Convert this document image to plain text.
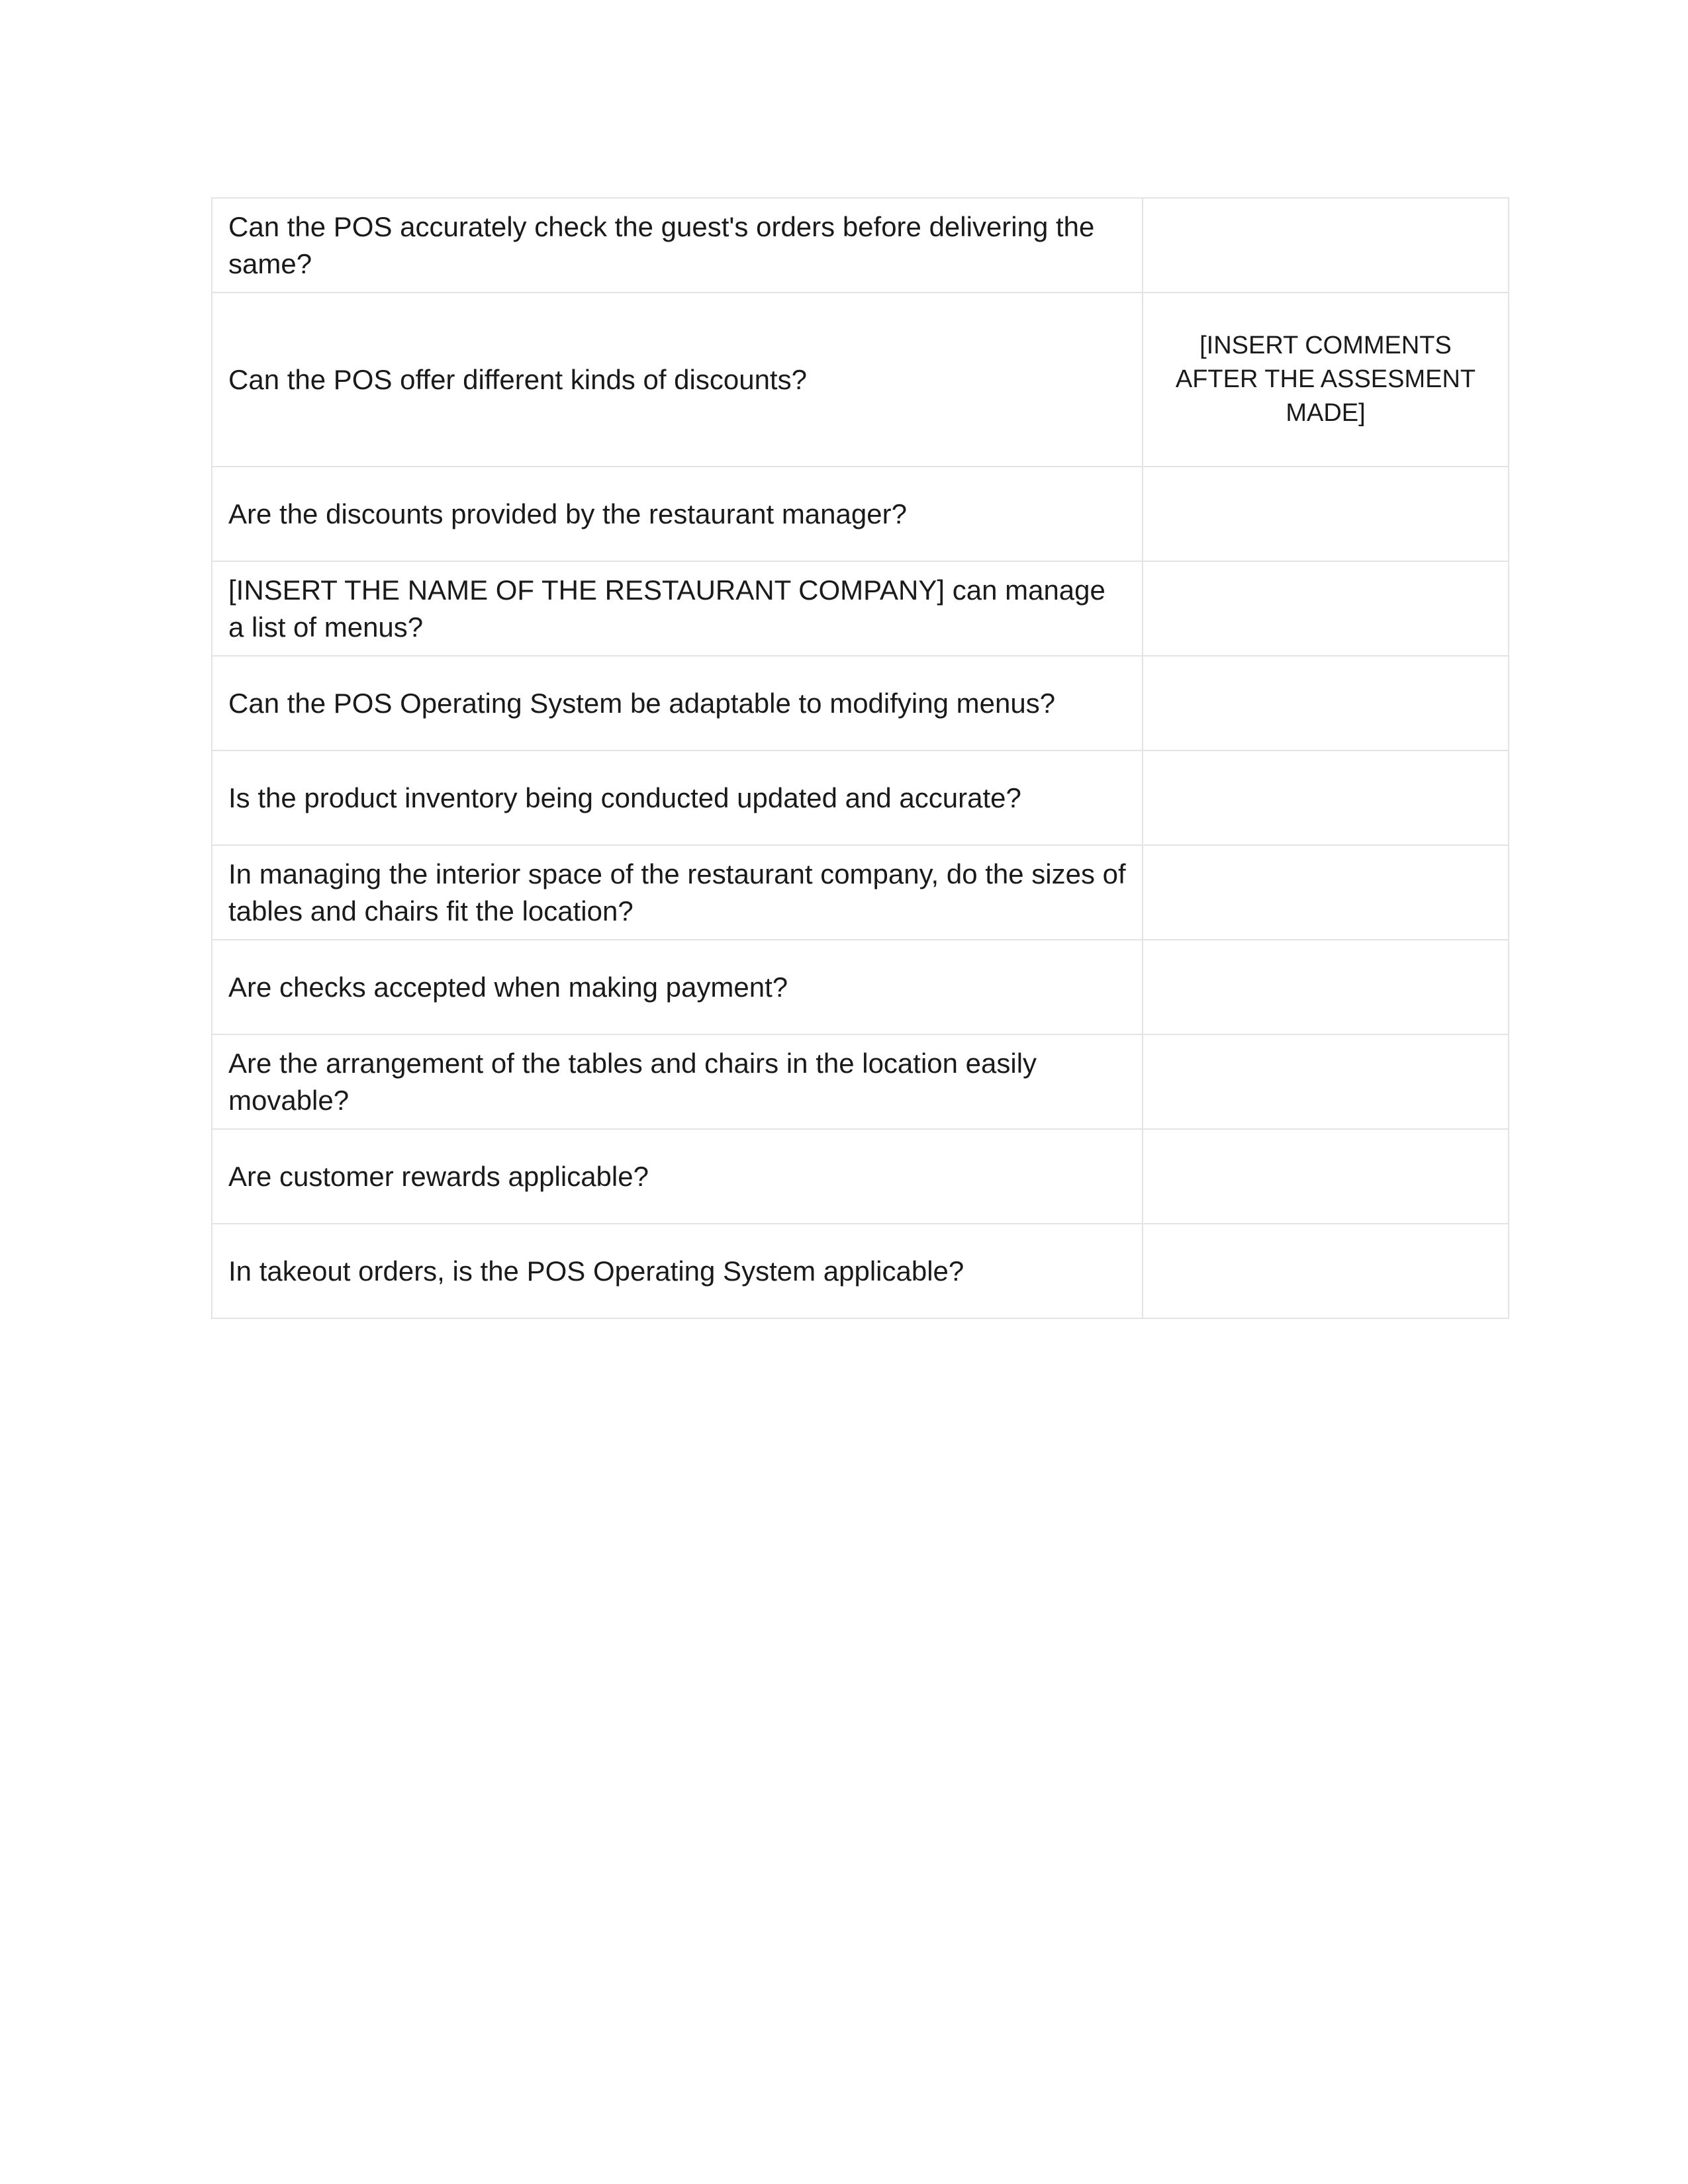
Can the POS accurately check the guest's orders before delivering the same?	
Can the POS offer different kinds of discounts?	[INSERT COMMENTS AFTER THE ASSESMENT MADE]
Are the discounts provided by the restaurant manager?	
[INSERT THE NAME OF THE RESTAURANT COMPANY] can manage a list of menus?	
Can the POS Operating System be adaptable to modifying menus?	
Is the product inventory being conducted updated and accurate?	
In managing the interior space of the restaurant company, do the sizes of tables and chairs fit the location?	
Are checks accepted when making payment?	
Are the arrangement of the tables and chairs in the location easily movable?	
Are customer rewards applicable?	
In takeout orders, is the POS Operating System applicable?	
